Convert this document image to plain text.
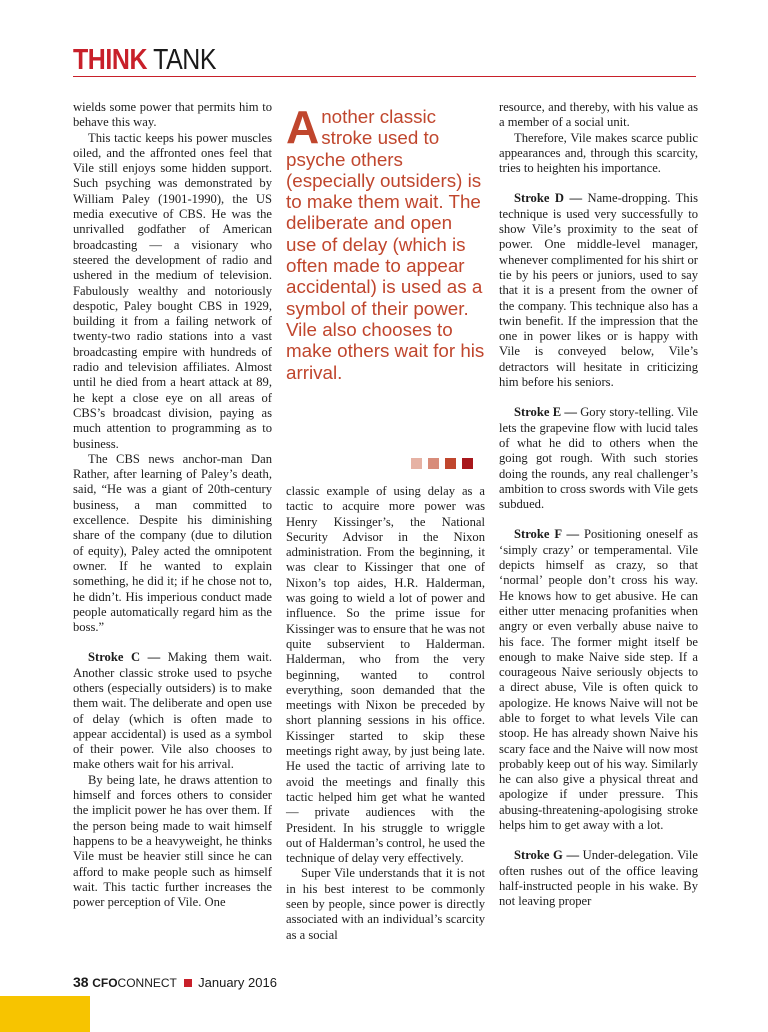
THINK TANK

wields some power that permits him to behave this way.

This tactic keeps his power muscles oiled, and the affronted ones feel that Vile still enjoys some hidden support. Such psyching was demonstrated by William Paley (1901-1990), the US media executive of CBS. He was the unrivalled godfather of American broadcasting — a visionary who steered the development of radio and ushered in the medium of television. Fabulously wealthy and notoriously despotic, Paley bought CBS in 1929, building it from a failing network of twenty-two radio stations into a vast broadcasting empire with hundreds of radio and television affiliates. Almost until he died from a heart attack at 89, he kept a close eye on all areas of CBS’s broadcast division, paying as much attention to programming as to business.

The CBS news anchor-man Dan Rather, after learning of Paley’s death, said, “He was a giant of 20th-century business, a man committed to excellence. Despite his diminishing share of the company (due to dilution of equity), Paley acted the omnipotent owner. If he wanted to explain something, he did it; if he chose not to, he didn’t. His imperious conduct made people automatically regard him as the boss.”

Stroke C — Making them wait. Another classic stroke used to psyche others (especially outsiders) is to make them wait. The deliberate and open use of delay (which is often made to appear accidental) is used as a symbol of their power. Vile also chooses to make others wait for his arrival.

By being late, he draws attention to himself and forces others to consider the implicit power he has over them. If the person being made to wait himself happens to be a heavyweight, he thinks Vile must be heavier still since he can afford to make people such as himself wait. This tactic further increases the power perception of Vile. One

Another classic stroke used to psyche others (especially outsiders) is to make them wait. The deliberate and open use of delay (which is often made to appear accidental) is used as a symbol of their power. Vile also chooses to make others wait for his arrival.

classic example of using delay as a tactic to acquire more power was Henry Kissinger’s, the National Security Advisor in the Nixon administration. From the beginning, it was clear to Kissinger that one of Nixon’s top aides, H.R. Halderman, was going to wield a lot of power and influence. So the prime issue for Kissinger was to ensure that he was not quite subservient to Halderman. Halderman, who from the very beginning, wanted to control everything, soon demanded that the meetings with Nixon be preceded by short planning sessions in his office. Kissinger started to skip these meetings right away, by just being late. He used the tactic of arriving late to avoid the meetings and finally this tactic helped him get what he wanted — private audiences with the President. In his struggle to wriggle out of Halderman’s control, he used the technique of delay very effectively.

Super Vile understands that it is not in his best interest to be commonly seen by people, since power is directly associated with an individual’s scarcity as a social

resource, and thereby, with his value as a member of a social unit.

Therefore, Vile makes scarce public appearances and, through this scarcity, tries to heighten his importance.

Stroke D — Name-dropping. This technique is used very successfully to show Vile’s proximity to the seat of power. One middle-level manager, whenever complimented for his shirt or tie by his peers or juniors, used to say that it is a present from the owner of the company. This technique also has a twin benefit. If the impression that the one in power likes or is happy with Vile is conveyed below, Vile’s detractors will hesitate in criticizing him before his seniors.

Stroke E — Gory story-telling. Vile lets the grapevine flow with lucid tales of what he did to others when the going got rough. With such stories doing the rounds, any real challenger’s ambition to cross swords with Vile gets subdued.

Stroke F — Positioning oneself as ‘simply crazy’ or temperamental. Vile depicts himself as crazy, so that ‘normal’ people don’t cross his way. He knows how to get abusive. He can either utter menacing profanities when angry or even verbally abuse naive to his face. The former might itself be enough to make Naive side step. If a courageous Naive seriously objects to a direct abuse, Vile is often quick to apologize. He knows Naive will not be able to forget to what levels Vile can stoop. He has already shown Naive his scary face and the Naive will now most probably keep out of his way. Similarly he can also give a physical threat and apologize if under pressure. This abusing-threatening-apologising stroke helps him to get away with a lot.

Stroke G — Under-delegation. Vile often rushes out of the office leaving half-instructed people in his wake. By not leaving proper

38 CFOCONNECT January 2016
